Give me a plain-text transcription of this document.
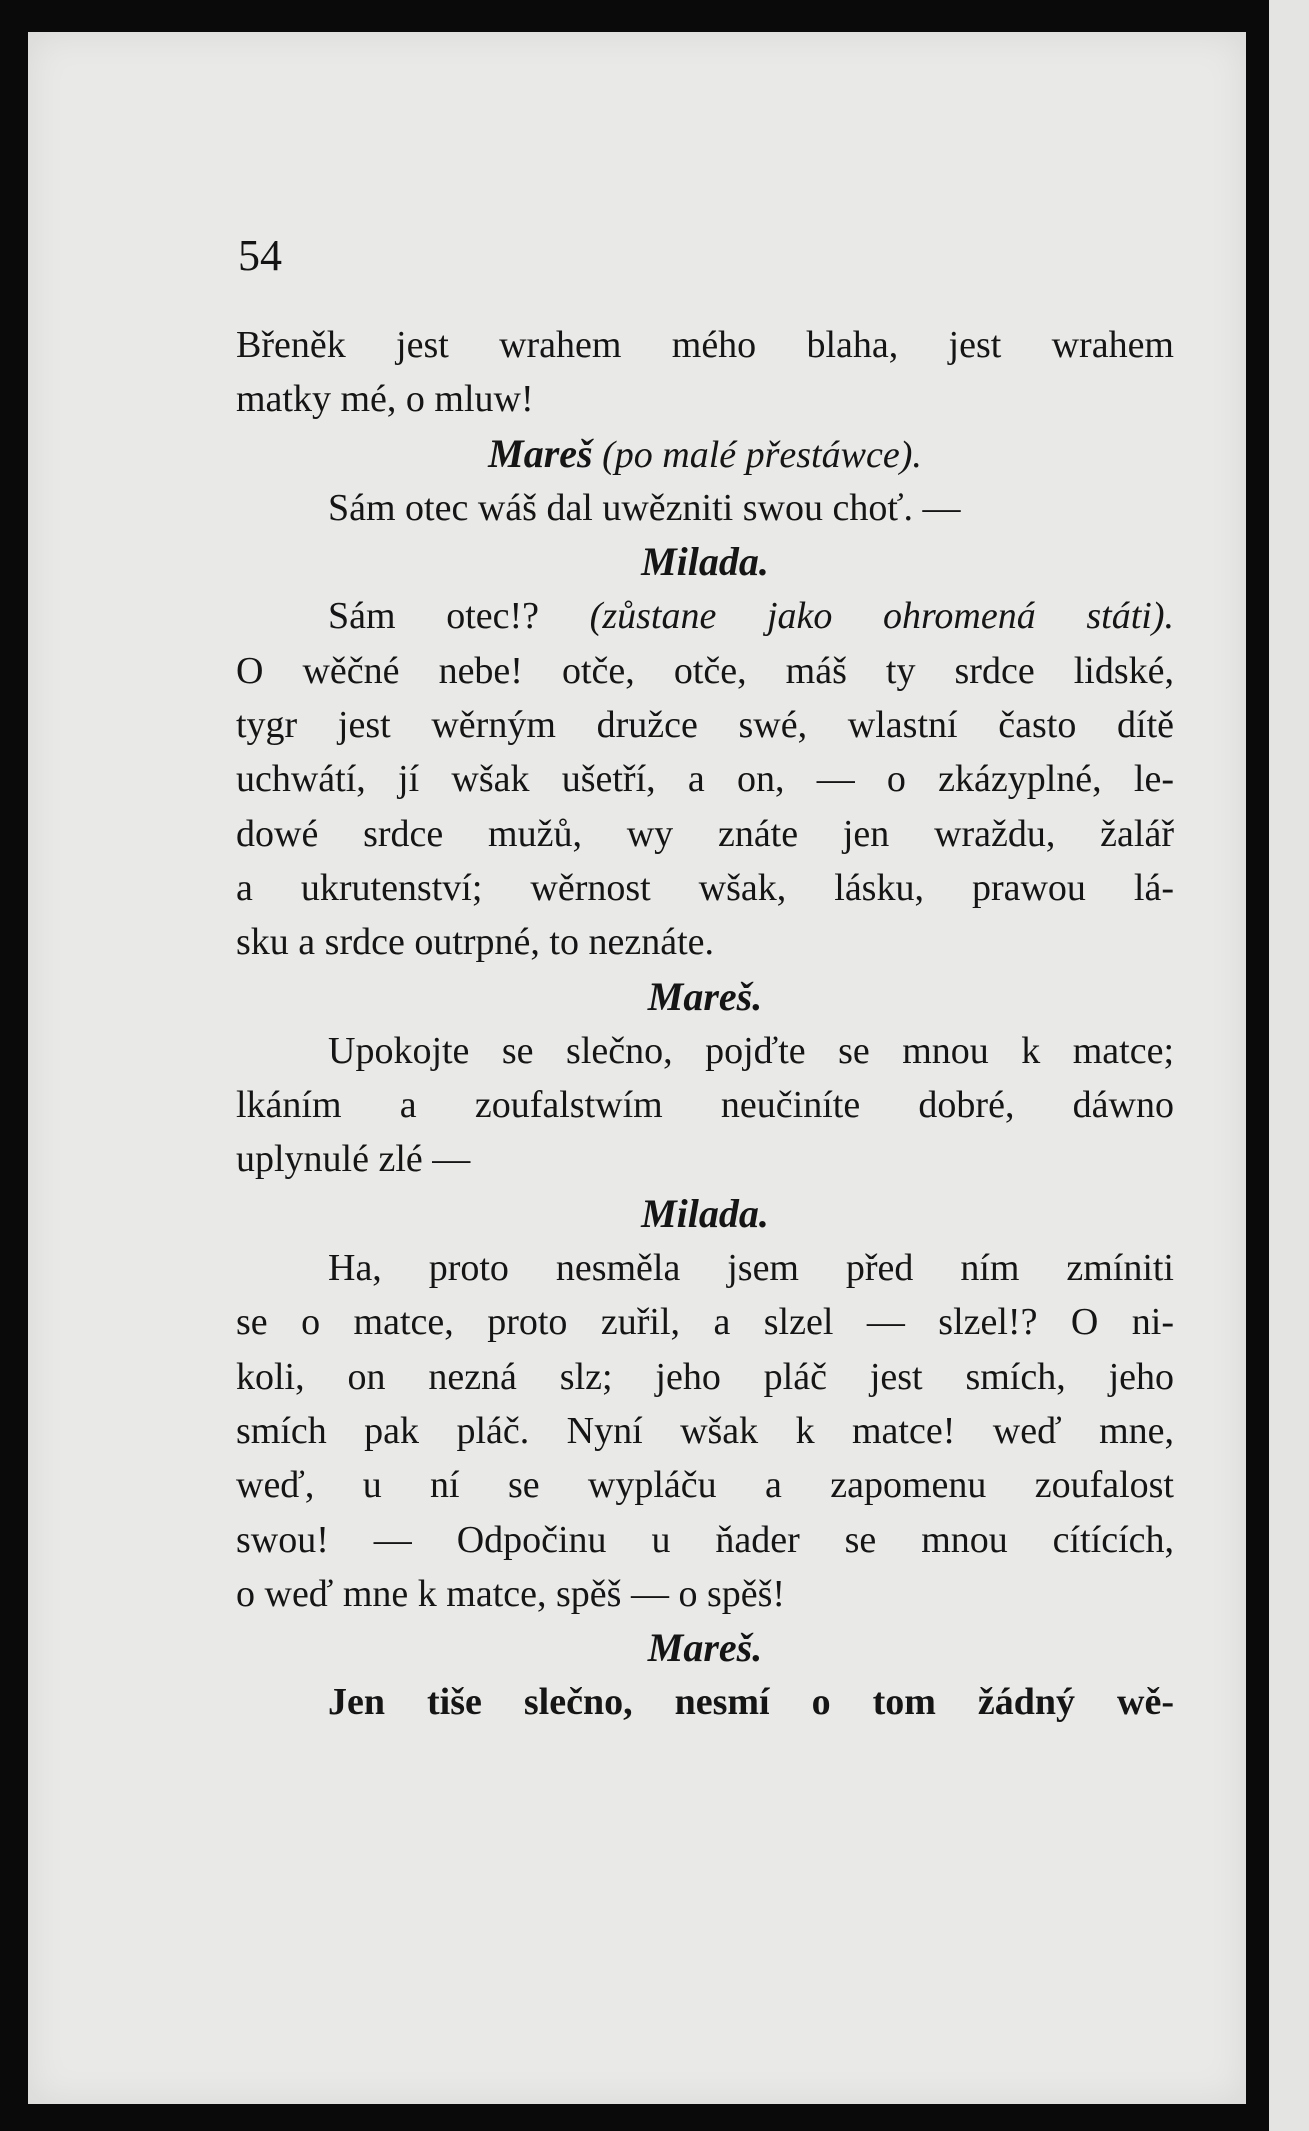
54
Břeněk jest wrahem mého blaha, jest wrahem
matky mé, o mluw!
Mareš (po malé přestáwce).
Sám otec wáš dal uwězniti swou choť. —
Milada.
Sám otec!? (zůstane jako ohromená státi).
O wěčné nebe! otče, otče, máš ty srdce lidské,
tygr jest wěrným družce swé, wlastní často dítě
uchwátí, jí wšak ušetří, a on, — o zkázyplné, le-
dowé srdce mužů, wy znáte jen wraždu, žalář
a ukrutenství; wěrnost wšak, lásku, prawou lá-
sku a srdce outrpné, to neznáte.
Mareš.
Upokojte se slečno, pojďte se mnou k matce;
lkáním a zoufalstwím neučiníte dobré, dáwno
uplynulé zlé —
Milada.
Ha, proto nesměla jsem před ním zmíniti
se o matce, proto zuřil, a slzel — slzel!? O ni-
koli, on nezná slz; jeho pláč jest smích, jeho
smích pak pláč. Nyní wšak k matce! weď mne,
weď, u ní se wypláču a zapomenu zoufalost
swou! — Odpočinu u ňader se mnou cítících,
o weď mne k matce, spěš — o spěš!
Mareš.
Jen tiše slečno, nesmí o tom žádný wě-
